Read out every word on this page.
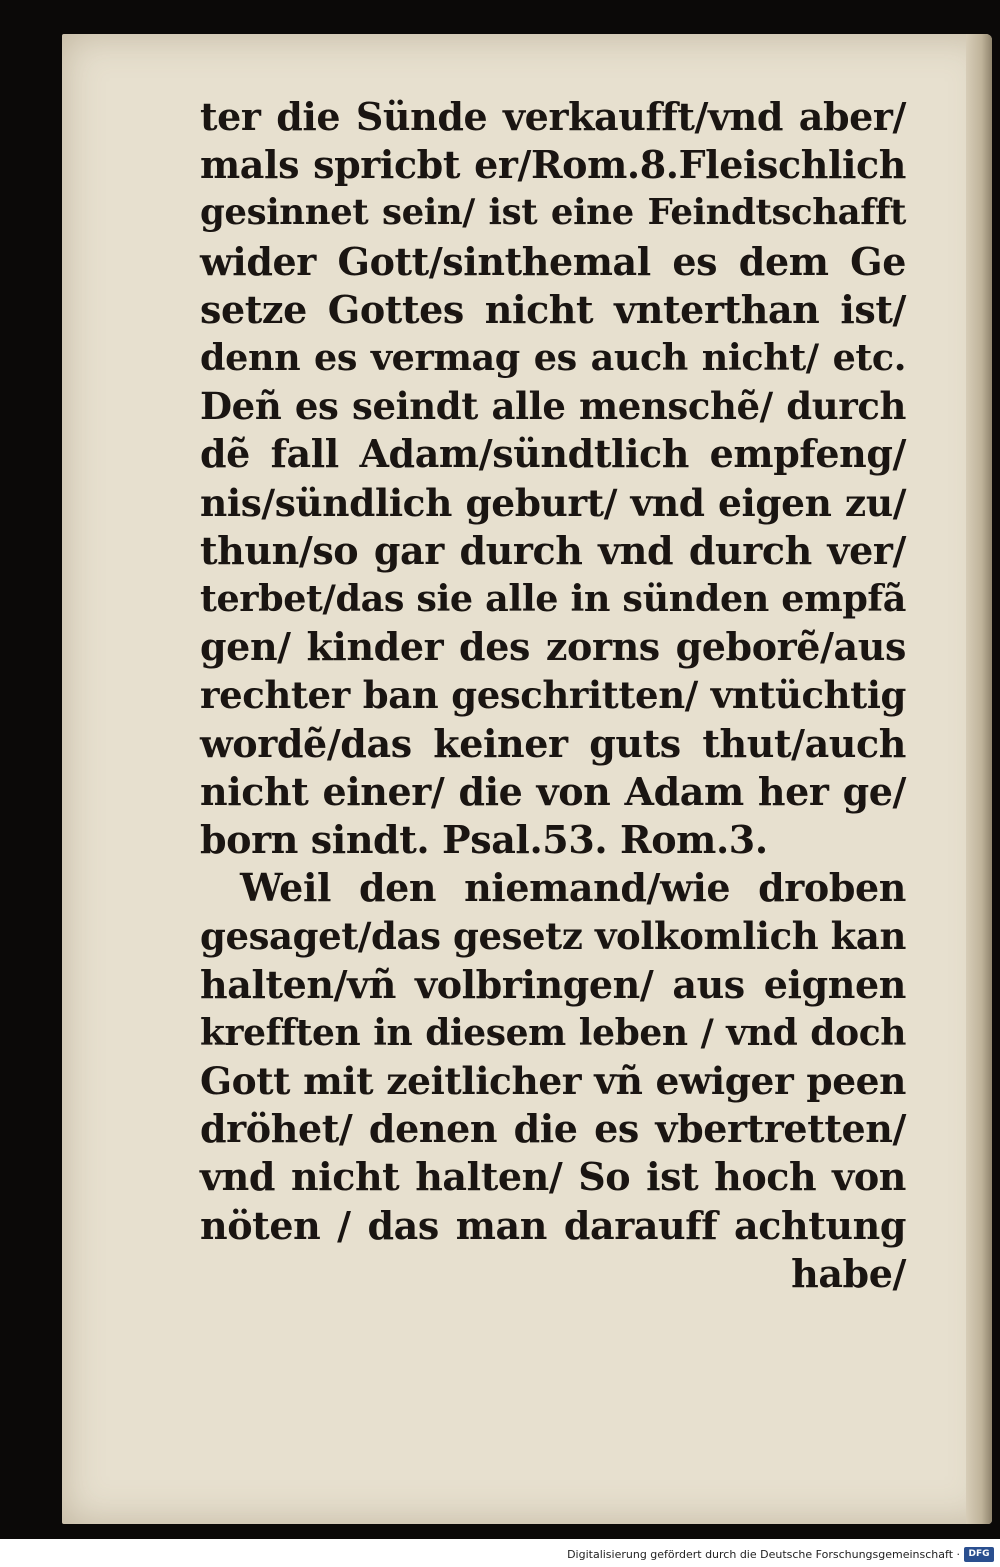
ter die Sünde verkaufft/vnd aber/
mals spricbt er/Rom.8.Fleischlich
gesinnet sein/ ist eine Feindtschafft
wider Gott/sinthemal es dem Ge
setze Gottes nicht vnterthan ist/
denn es vermag es auch nicht/ etc.
Deñ es seindt alle menschẽ/ durch
dẽ fall Adam/sündtlich empfeng/
nis/sündlich geburt/ vnd eigen zu/
thun/so gar durch vnd durch ver/
terbet/das sie alle in sünden empfã
gen/ kinder des zorns geborẽ/aus
rechter ban geschritten/ vntüchtig
wordẽ/das keiner guts thut/auch
nicht einer/ die von Adam her ge/
born sindt. Psal.53. Rom.3.
Weil den niemand/wie droben
gesaget/das gesetz volkomlich kan
halten/vñ volbringen/ aus eignen
krefften in diesem leben / vnd doch
Gott mit zeitlicher vñ ewiger peen
dröhet/ denen die es vbertretten/
vnd nicht halten/ So ist hoch von
nöten / das man darauff achtung
habe/
Digitalisierung gefördert durch die Deutsche Forschungsgemeinschaft · DFG
